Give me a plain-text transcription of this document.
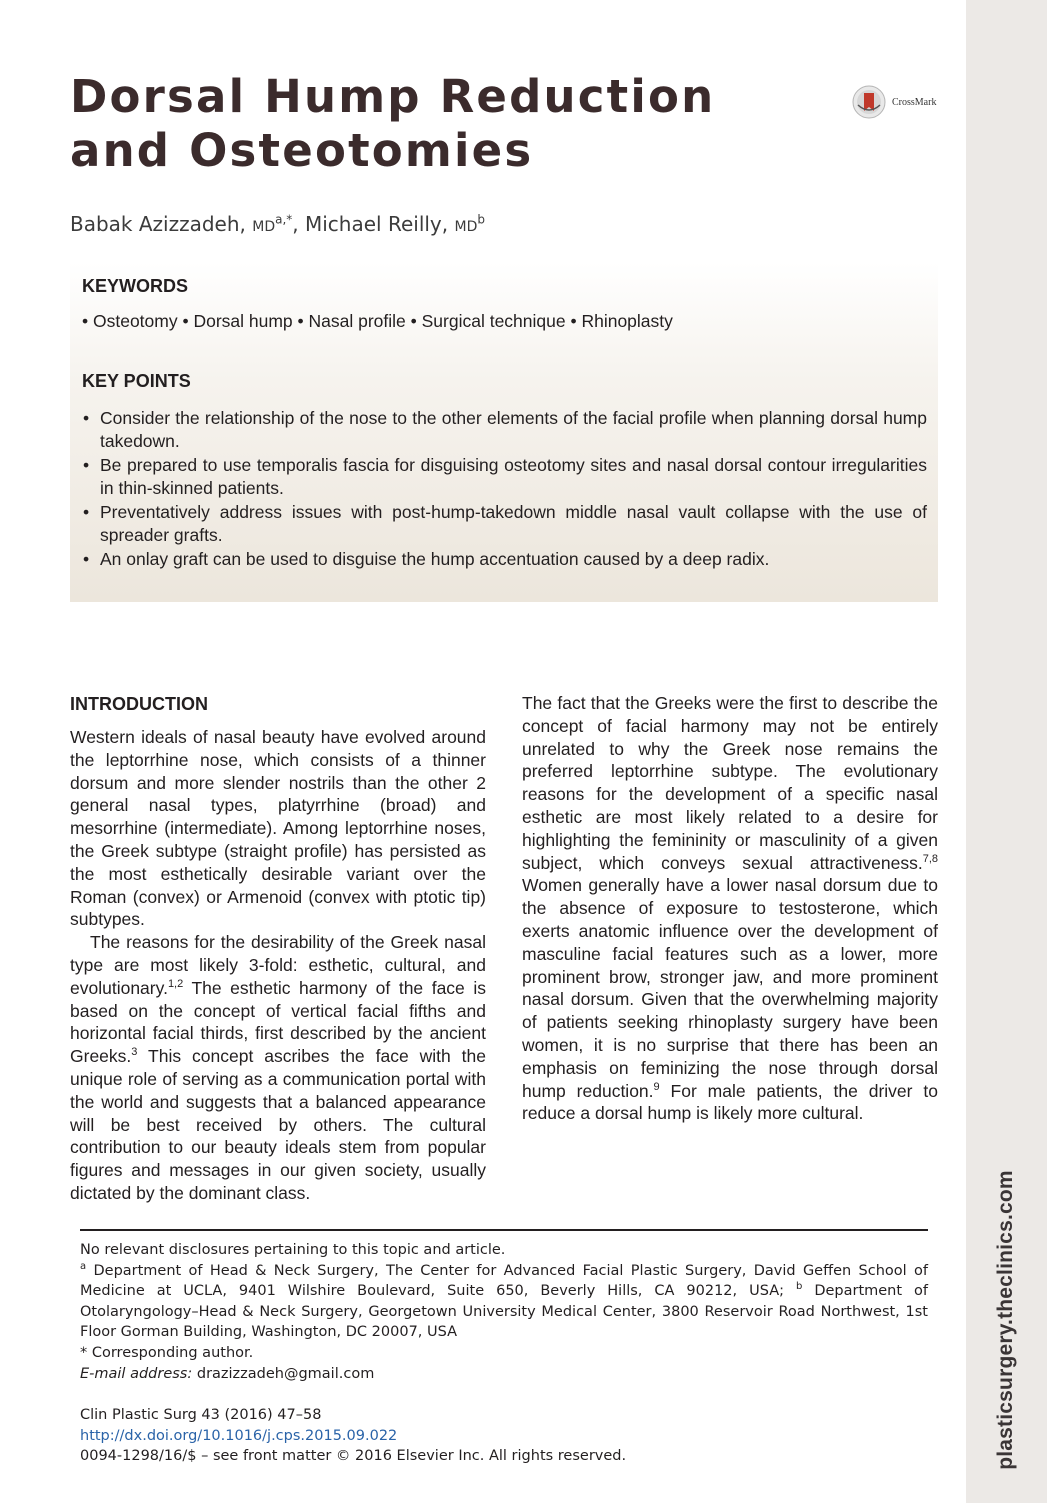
plasticsurgery.theclinics.com
Dorsal Hump Reduction
and Osteotomies
CrossMark
Babak Azizzadeh, $MD^{a,*}$, Michael Reilly, $MD^b$
KEYWORDS
• Osteotomy • Dorsal hump • Nasal profile • Surgical technique • Rhinoplasty
KEY POINTS
• Consider the relationship of the nose to the other elements of the facial profile when planning dorsal hump takedown.
• Be prepared to use temporalis fascia for disguising osteotomy sites and nasal dorsal contour irregularities in thin-skinned patients.
• Preventatively address issues with post-hump-takedown middle nasal vault collapse with the use of spreader grafts.
• An onlay graft can be used to disguise the hump accentuation caused by a deep radix.
INTRODUCTION

Western ideals of nasal beauty have evolved around the leptorrhine nose, which consists of a thinner dorsum and more slender nostrils than the other 2 general nasal types, platyrrhine (broad) and mesorrhine (intermediate). Among leptorrhine noses, the Greek subtype (straight profile) has persisted as the most esthetically desirable variant over the Roman (convex) or Armenoid (convex with ptotic tip) subtypes.

The reasons for the desirability of the Greek nasal type are most likely 3-fold: esthetic, cultural, and evolutionary.$^{1,2}$ The esthetic harmony of the face is based on the concept of vertical facial fifths and horizontal facial thirds, first described by the ancient Greeks.$^3$ This concept ascribes the face with the unique role of serving as a communication portal with the world and suggests that a balanced appearance will be best received by others. The cultural contribution to our beauty ideals stem from popular figures and messages in our given society, usually dictated by the dominant class.

The fact that the Greeks were the first to describe the concept of facial harmony may not be entirely unrelated to why the Greek nose remains the preferred leptorrhine subtype. The evolutionary reasons for the development of a specific nasal esthetic are most likely related to a desire for highlighting the femininity or masculinity of a given subject, which conveys sexual attractiveness.$^{7,8}$ Women generally have a lower nasal dorsum due to the absence of exposure to testosterone, which exerts anatomic influence over the development of masculine facial features such as a lower, more prominent brow, stronger jaw, and more prominent nasal dorsum. Given that the overwhelming majority of patients seeking rhinoplasty surgery have been women, it is no surprise that there has been an emphasis on feminizing the nose through dorsal hump reduction.$^9$ For male patients, the driver to reduce a dorsal hump is likely more cultural.

No relevant disclosures pertaining to this topic and article.

$^a$ Department of Head & Neck Surgery, The Center for Advanced Facial Plastic Surgery, David Geffen School of Medicine at UCLA, 9401 Wilshire Boulevard, Suite 650, Beverly Hills, CA 90212, USA; $^b$ Department of Otolaryngology–Head & Neck Surgery, Georgetown University Medical Center, 3800 Reservoir Road Northwest, 1st Floor Gorman Building, Washington, DC 20007, USA

* Corresponding author.

E-mail address: drazizzadeh@gmail.com

Clin Plastic Surg 43 (2016) 47–58

http://dx.doi.org/10.1016/j.cps.2015.09.022

0094-1298/16/$ – see front matter © 2016 Elsevier Inc. All rights reserved.
